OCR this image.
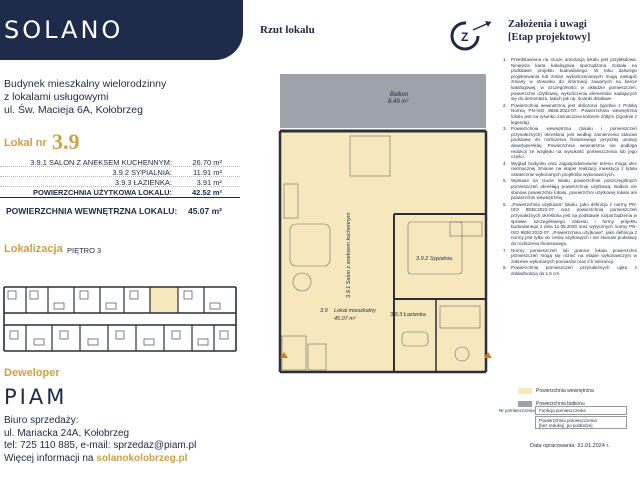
SOLANO
Budynek mieszkalny wielorodzinny
z lokalami usługowymi
ul. Św. Macieja 6A, Kołobrzeg
Lokal nr 3.9
3.9.1 SALON Z ANEKSEM KUCHENNYM:	26.70 m²
3.9.2 SYPIALNIA:	11.91 m²
3.9.3 ŁAZIENKA:	3.91 m²
POWIERZCHNIA UŻYTKOWA LOKALU:	42.52 m²
POWIERZCHNIA WEWNĘTRZNA LOKALU: 45.07 m²
Lokalizacja PIĘTRO 3
Deweloper
PIAM
Biuro sprzedaży:
ul. Mariacka 24A, Kołobrzeg
tel: 725 110 885, e-mail: sprzedaz@piam.pl
Więcej informacji na solanokolobrzeg.pl
Rzut lokalu
Balkon
8.49 m²
3.9.1 Salon z aneksem kuchennym	3.9.2 Sypialnia
3.9.3 Łazienka
3.9 Lokal mieszkalny
45.07 m²
Powierzchnia wewnętrzna
Powierzchnia balkonu
Nr pomieszczenia Funkcja pomieszczenia
Powierzchnia pomieszczenia
[bez redukcji, po podłodze]
Data opracowania: 31.01.2024 r.
Z
Założenia i uwagi
[Etap projektowy]

1. Przedstawiona na rzucie aranżacja lokalu jest przykładowa. Niniejsza karta katalogowa sporządzona została na podstawie projektu budowlanego. W toku dalszego projektowania lub zmian wykończeniowych mogą nastąpić zmiany w stosunku do informacji zawartych na karcie katalogowej, w szczególności w układzie pomieszczeń, powierzchni użytkowej, wykończeniu elementów nadających się do demontażu, takich jak np. ścianki działowe.

2. Powierzchnia wewnętrzna jest obliczona zgodnie z Polską Normą PN-ISO 9836:2022-07. Powierzchnia wewnętrzna lokalu jest na rysunku zaznaczona kolorem żółtym (zgodnie z legendą).

3. Powierzchnia wewnętrzna (lokalu i pomieszczeń przynależnych) określona jest według zamierzenia stanowi podstawę do rozliczenia finansowego przyszłej umowy deweloperskiej. Powierzchnia wewnętrzna nie podlega redukcji ze względu na wysokość pomieszczenia lub jego części.

4. Wygląd budynku oraz zagospodarowanie terenu mogą ulec nieznacznej zmianie na etapie realizacji inwestycji z tytułu ostatecznie wykonanych projektów wykonawczych.

5. Wpisane na rzucie lokalu powierzchnie poszczególnych pomieszczeń określają powierzchnię użytkową. Balkon nie stanowi powierzchni lokalu, powierzchni użytkowej lokalu ani powierzchni wewnętrznej.

6. „Powierzchnia użytkowa” lokalu, jako definicja z normy PN-ISO 9836:2022-07 oraz powierzchnia pomieszczeń przynależnych określona jest na podstawie rozporządzenia w sprawie szczegółowego zakresu i formy projektu budowlanego z dnia 11.09.2020 oraz wytycznych normy PN-ISO 9836:2022-07. „Powierzchnia użytkowa”, jako definicja z normy jest tylko do celów użytkowych i nie stanowi podstawy do rozliczenia finansowego.

7. Normy pomieszczeń lub granice lokalu powierzchni pomieszczeń mogą się różnić na etapie wykonawczym w zakresie wykonanych pomiarów oraz ich tolerancji.

8. Powierzchnia pomieszczeń przynależnych ujęta z dokładnością do 1,5 cm.
